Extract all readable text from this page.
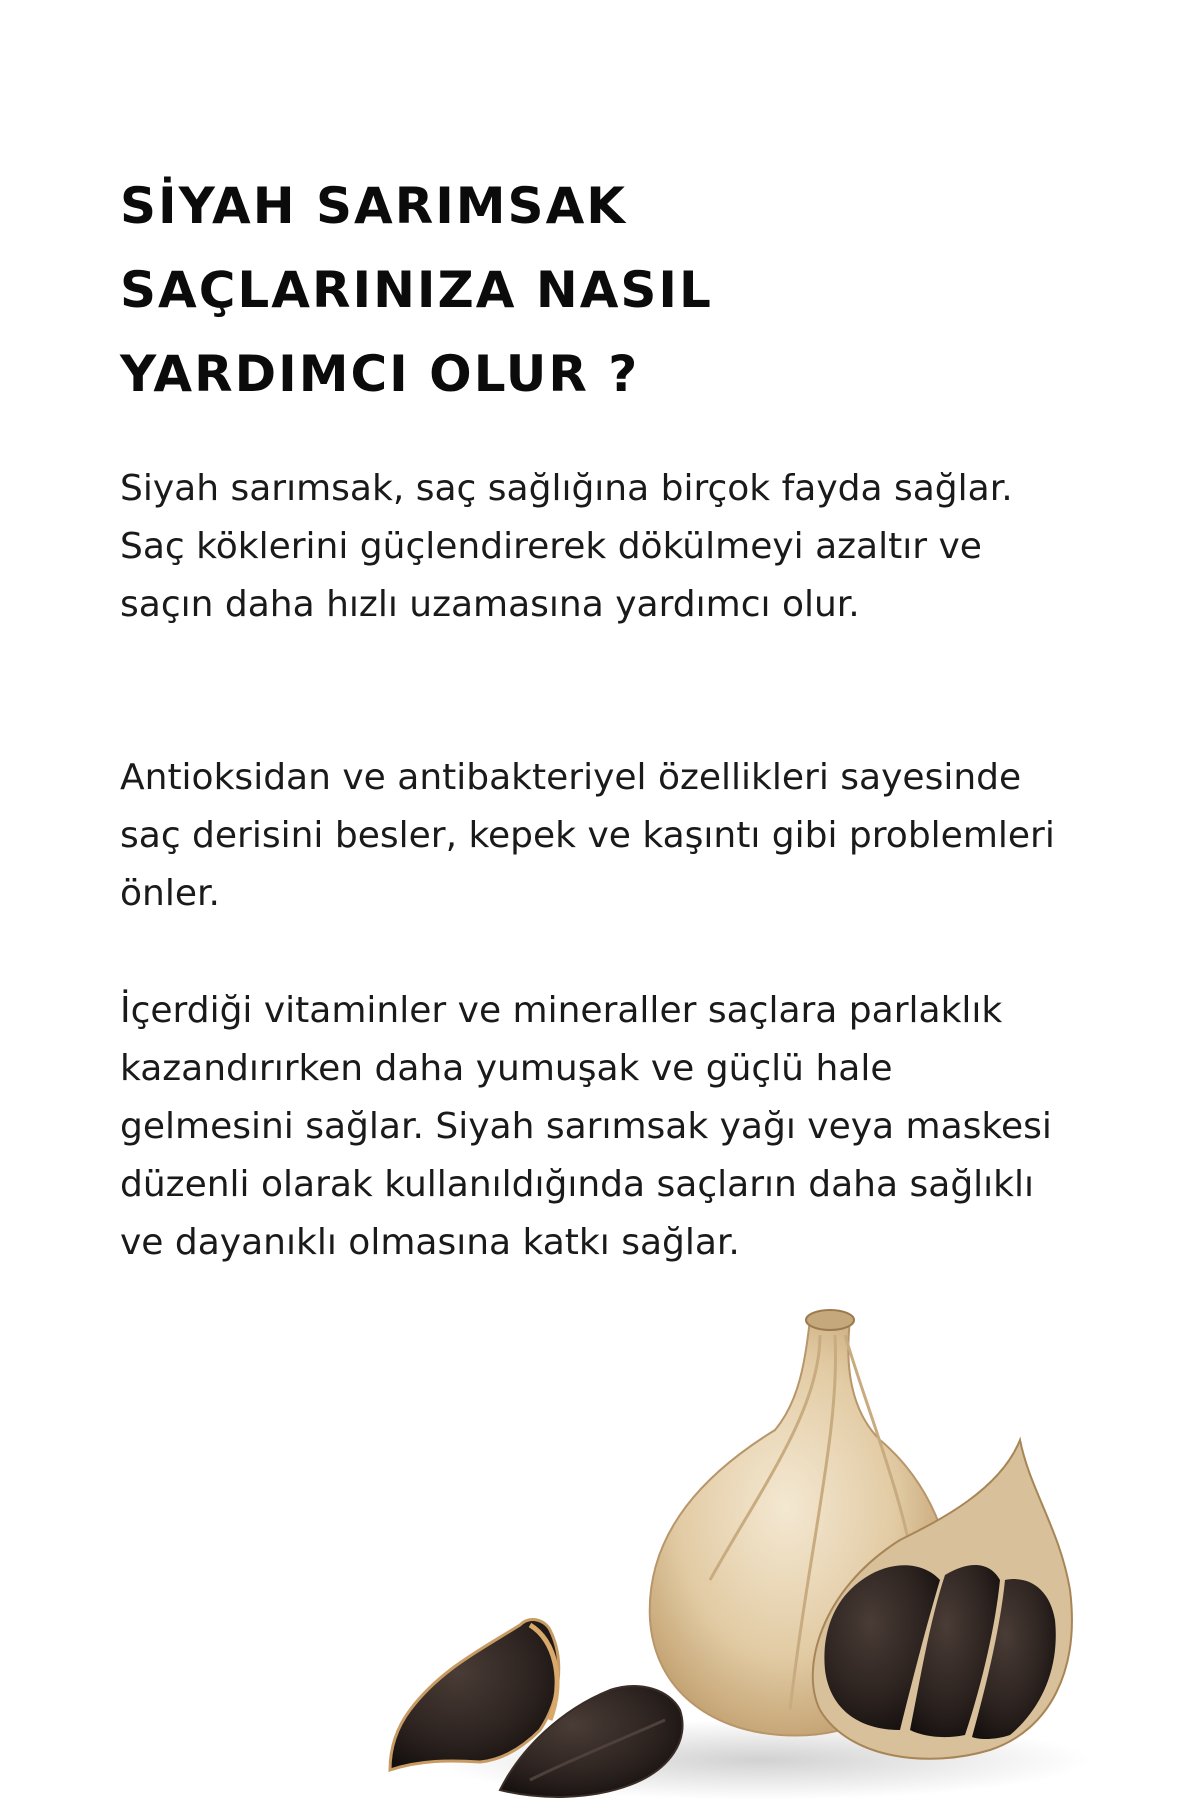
SİYAH SARIMSAK
SAÇLARINIZA NASIL
YARDIMCI OLUR ?

Siyah sarımsak, saç sağlığına birçok fayda sağlar. Saç köklerini güçlendirerek dökülmeyi azaltır ve saçın daha hızlı uzamasına yardımcı olur.

Antioksidan ve antibakteriyel özellikleri sayesinde saç derisini besler, kepek ve kaşıntı gibi problemleri önler.

İçerdiği vitaminler ve mineraller saçlara parlaklık kazandırırken daha yumuşak ve güçlü hale gelmesini sağlar. Siyah sarımsak yağı veya maskesi düzenli olarak kullanıldığında saçların daha sağlıklı ve dayanıklı olmasına katkı sağlar.
